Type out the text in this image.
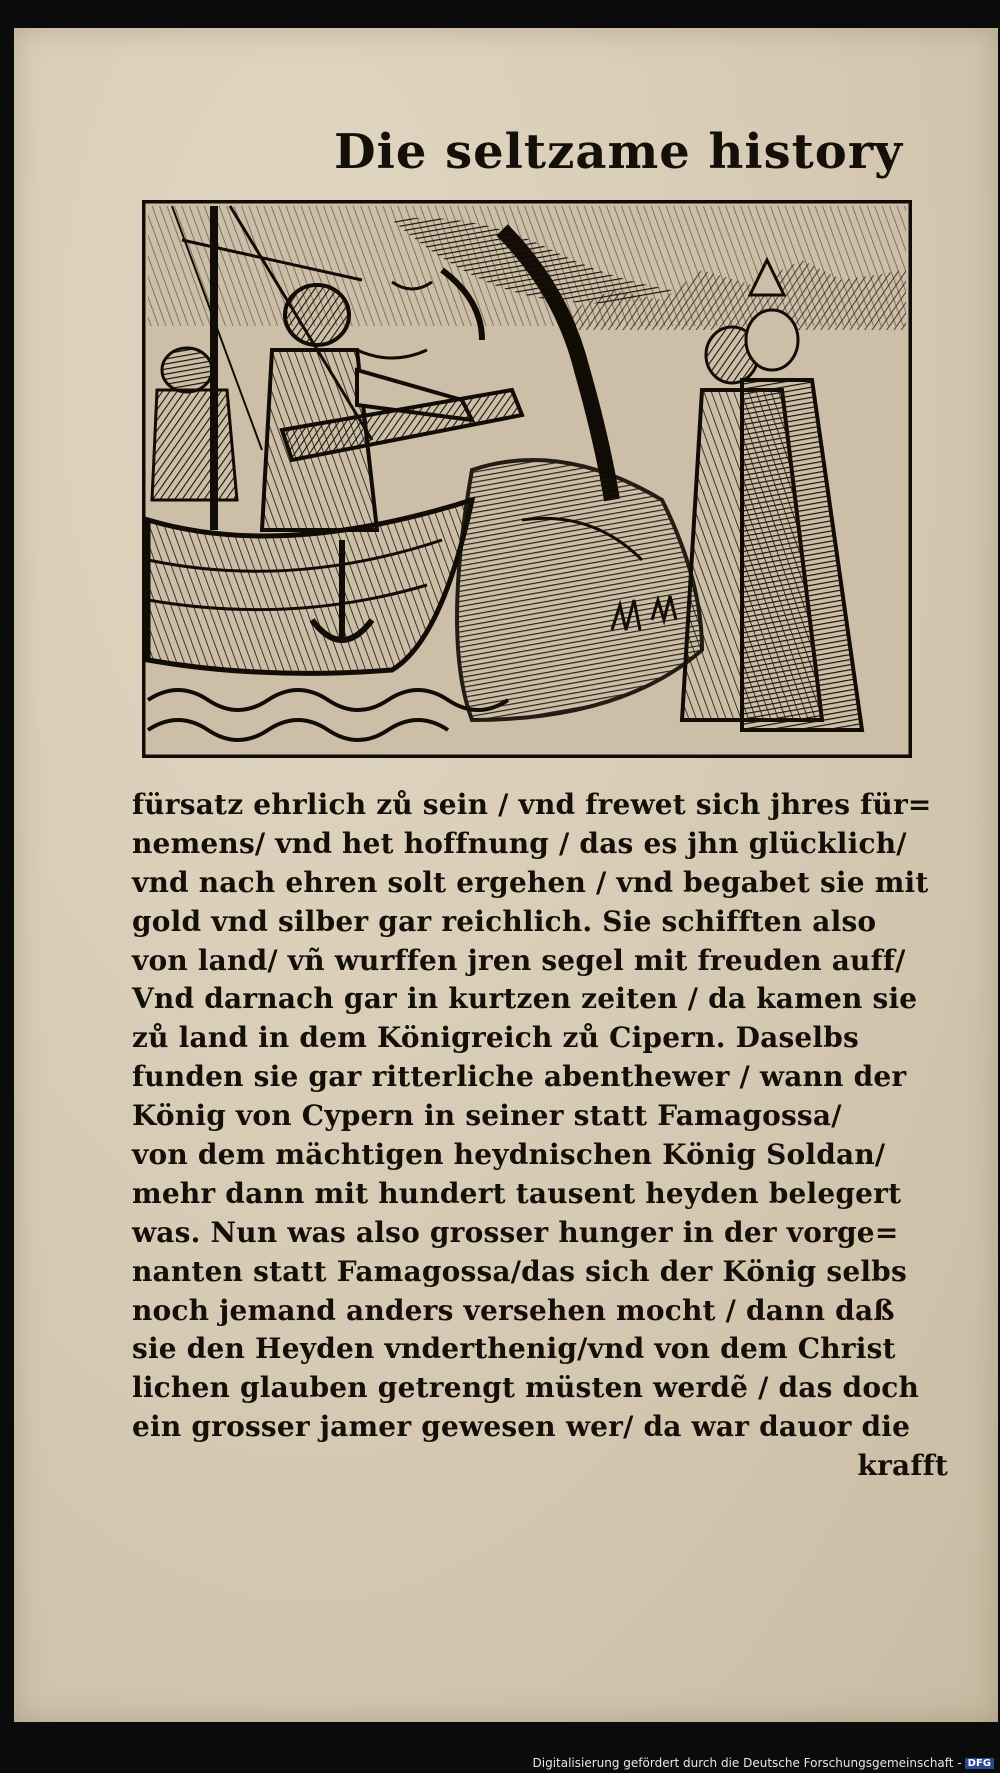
Die seltzame history
fürsatz ehrlich zů sein / vnd frewet sich jhres für=
nemens/ vnd het hoffnung / das es jhn glücklich/
vnd nach ehren solt ergehen / vnd begabet sie mit
gold vnd silber gar reichlich. Sie schifften also
von land/ vñ wurffen jren segel mit freuden auff/
Vnd darnach gar in kurtzen zeiten / da kamen sie
zů land in dem Königreich zů Cipern. Daselbs
funden sie gar ritterliche abenthewer / wann der
König von Cypern in seiner statt Famagossa/
von dem mächtigen heydnischen König Soldan/
mehr dann mit hundert tausent heyden belegert
was. Nun was also grosser hunger in der vorge=
nanten statt Famagossa/das sich der König selbs
noch jemand anders versehen mocht / dann daß
sie den Heyden vnderthenig/vnd von dem Christ
lichen glauben getrengt müsten werdẽ / das doch
ein grosser jamer gewesen wer/ da war dauor die
krafft
Digitalisierung gefördert durch die Deutsche Forschungsgemeinschaft - DFG
